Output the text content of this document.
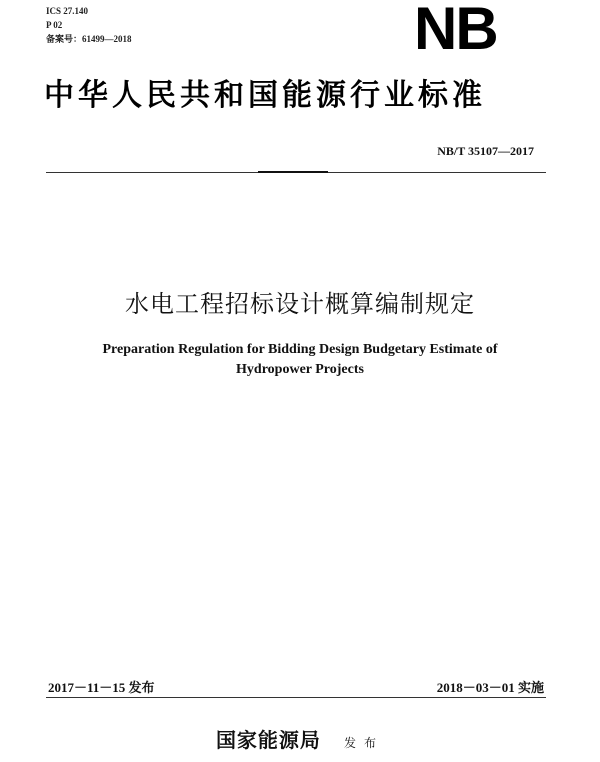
ICS 27.140
P 02
备案号：61499—2018	NB
中华人民共和国能源行业标准
NB/T 35107—2017
水电工程招标设计概算编制规定
Preparation Regulation for Bidding Design Budgetary Estimate of
Hydropower Projects
2017－11－15 发布	2018－03－01 实施
国家能源局 发布
